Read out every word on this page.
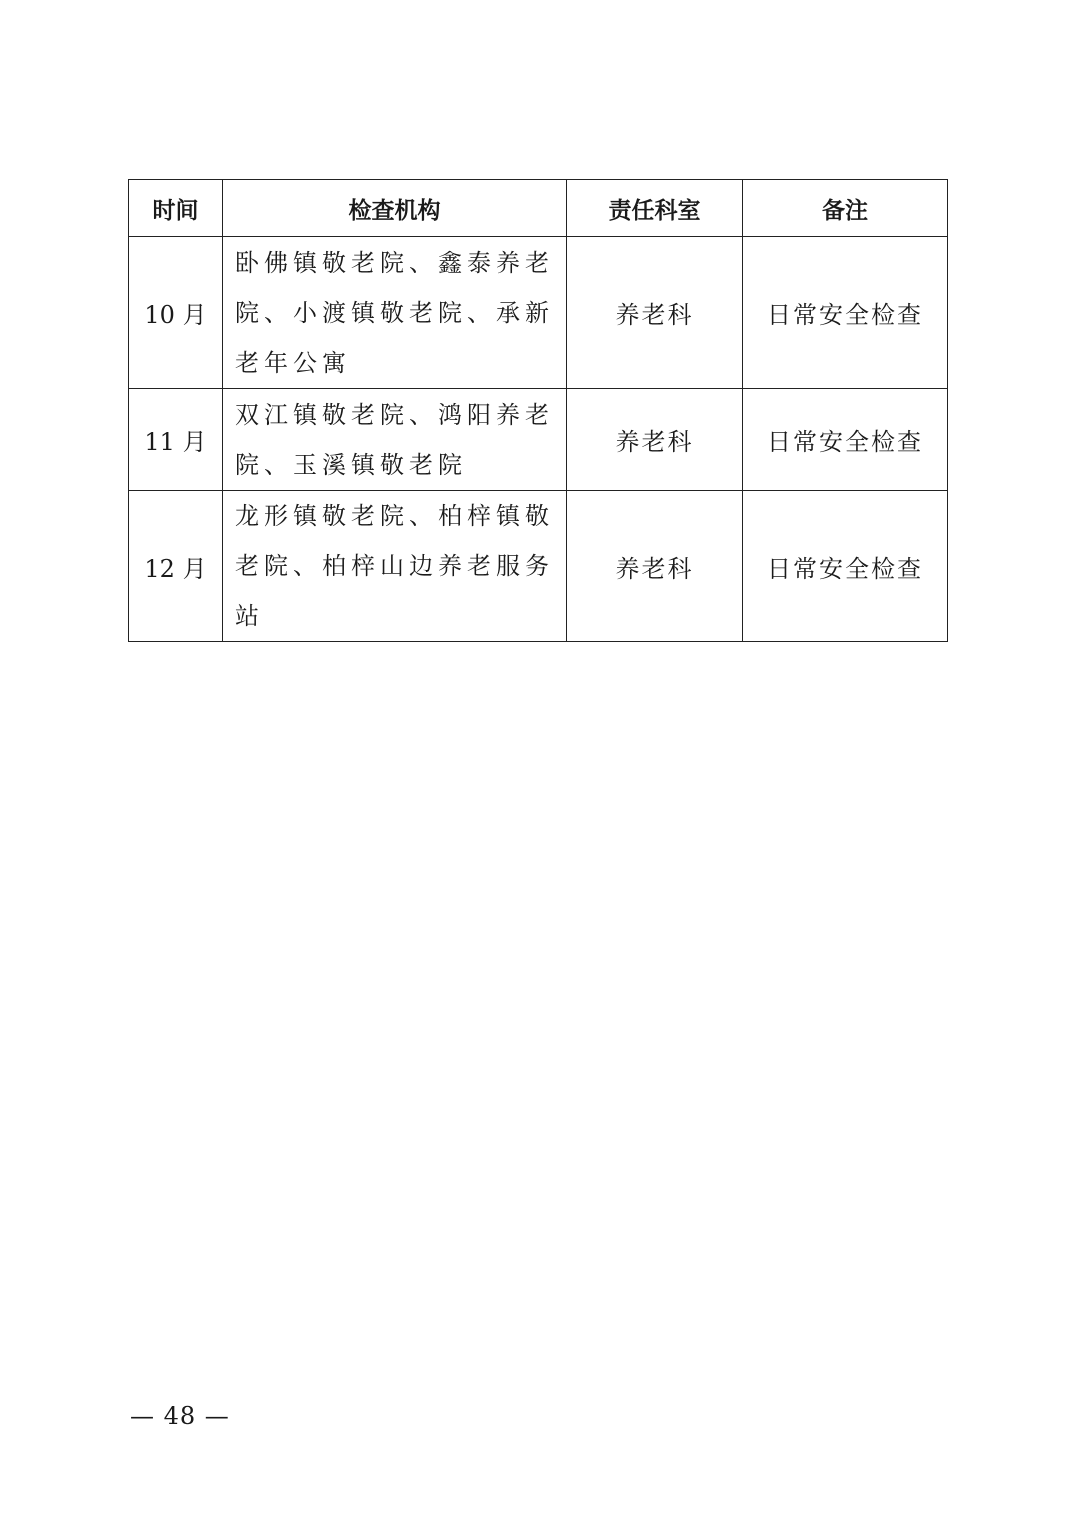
时间	检查机构	责任科室	备注
10 月	卧佛镇敬老院、鑫泰养老院、小渡镇敬老院、承新老年公寓	养老科	日常安全检查
11 月	双江镇敬老院、鸿阳养老院、玉溪镇敬老院	养老科	日常安全检查
12 月	龙形镇敬老院、柏梓镇敬老院、柏梓山边养老服务站	养老科	日常安全检查
— 48 —
